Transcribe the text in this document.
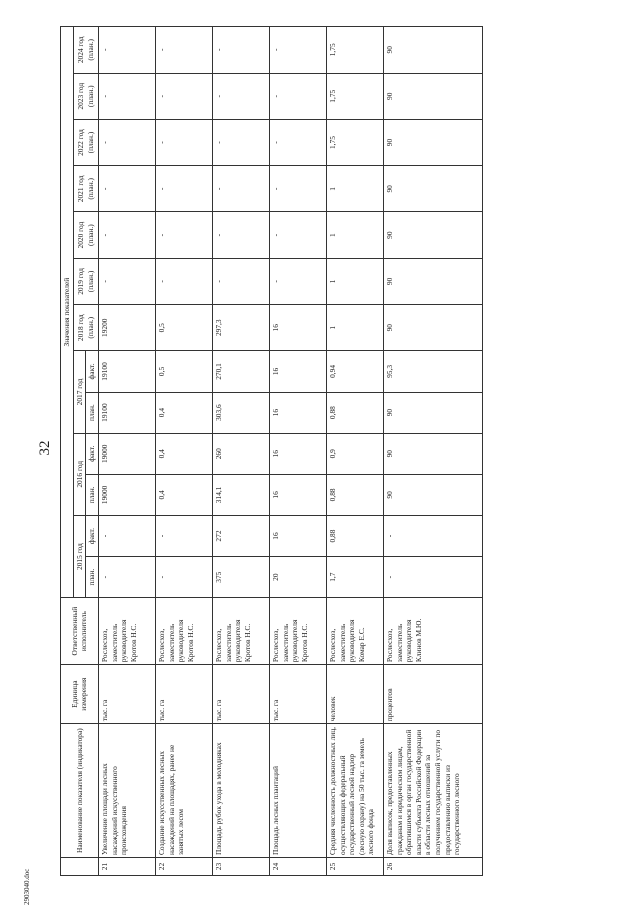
32
2903040.doc
	Наименование показателя (индикатора)	Единица измерения	Ответственный исполнитель	Значения показателей												
				2015 год		2016 год		2017 год		2018 год (план.)	2019 год (план.)	2020 год (план.)	2021 год (план.)	2022 год (план.)	2023 год (план.)	2024 год (план.)
				план.	факт.	план.	факт.	план.	факт.							
21	Увеличение площади лесных насаждений искусственного происхождения	тыс. га	Рослесхоз, заместитель руководителя Кротов Н.С.	-	-	19000	19000	19100	19100	19200	-	-	-	-	-	-
22	Создание искусственных лесных насаждений на площадях, ранее не занятых лесом	тыс. га	Рослесхоз, заместитель руководителя Кротов Н.С.	-	-	0,4	0,4	0,4	0,5	0,5	-	-	-	-	-	-
23	Площадь рубок ухода в молодняках	тыс. га	Рослесхоз, заместитель руководителя Кротов Н.С.	375	272	314,1	260	303,6	270,1	297,3	-	-	-	-	-	-
24	Площадь лесных плантаций	тыс. га	Рослесхоз, заместитель руководителя Кротов Н.С.	20	16	16	16	16	16	16	-	-	-	-	-	-
25	Средняя численность должностных лиц, осуществляющих федеральный государственный лесной надзор (лесную охрану) на 50 тыс. га земель лесного фонда	человек	Рослесхоз, заместитель руководителя Комар Е.С.	1,7	0,88	0,88	0,9	0,88	0,94	1	1	1	1	1,75	1,75	1,75
26	Доля выписок, предоставленных гражданам и юридическим лицам, обратившимся в орган государственной власти субъекта Российской Федерации в области лесных отношений за получением государственной услуги по предоставлению выписки из государственного лесного	процентов	Рослесхоз, заместитель руководителя Клинов М.Ю.	-	-	90	90	90	95,3	90	90	90	90	90	90	90
